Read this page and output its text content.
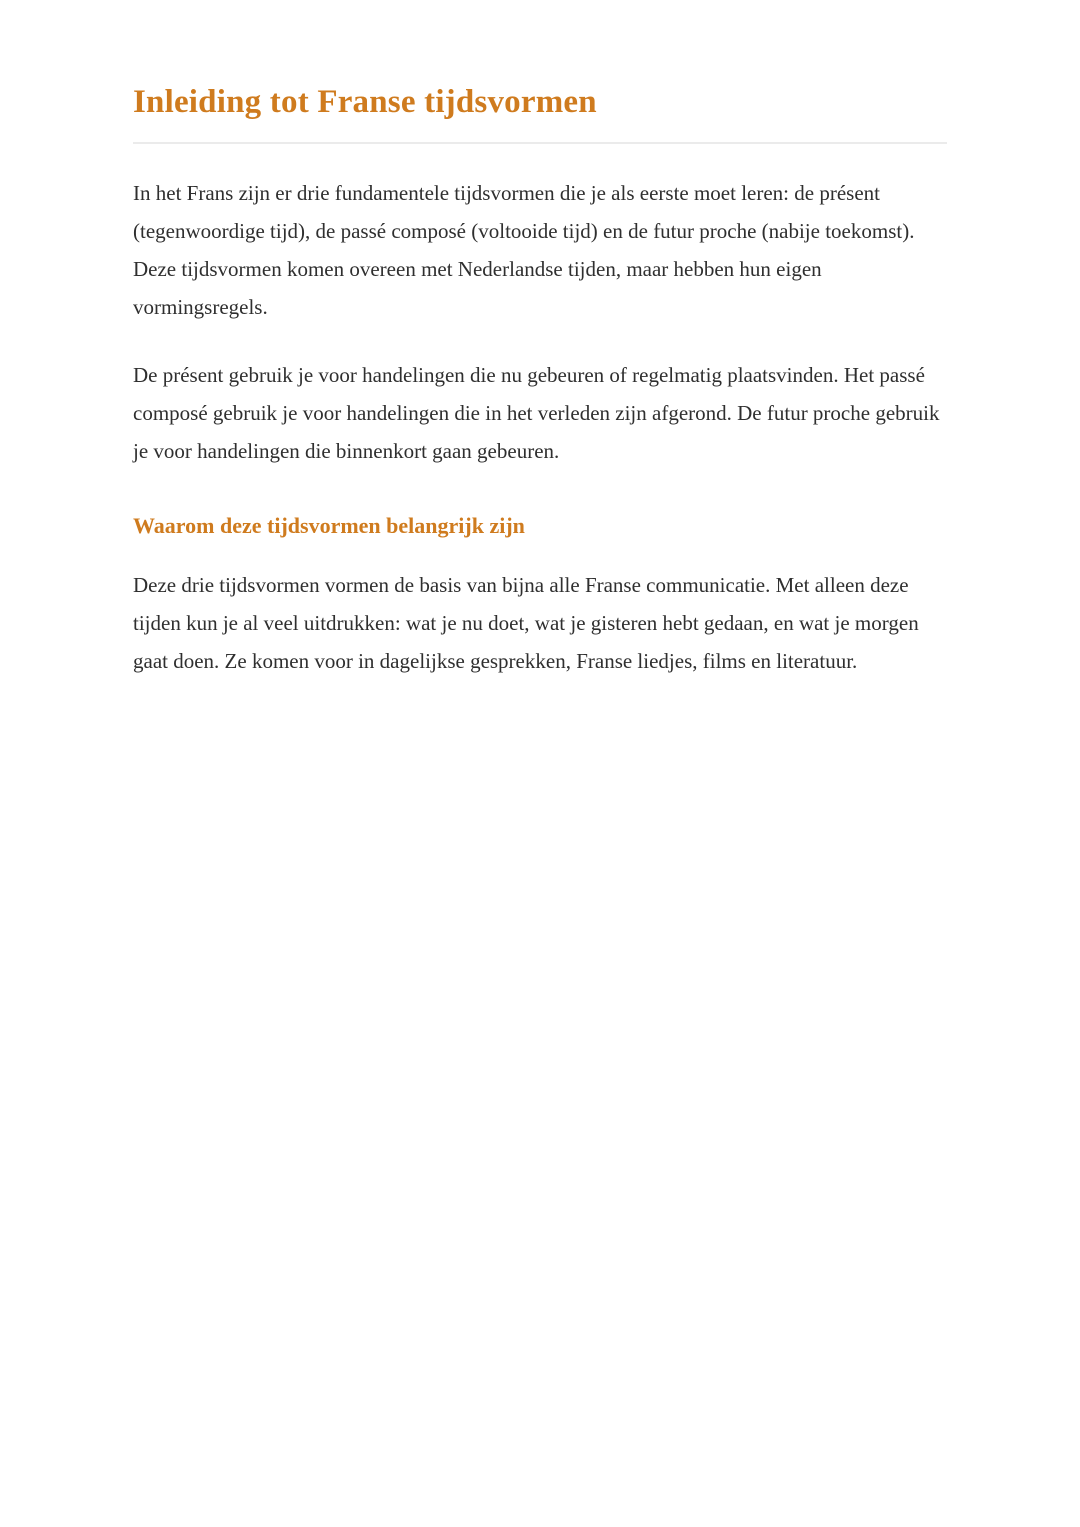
Inleiding tot Franse tijdsvormen

In het Frans zijn er drie fundamentele tijdsvormen die je als eerste moet leren: de présent (tegenwoordige tijd), de passé composé (voltooide tijd) en de futur proche (nabije toekomst). Deze tijdsvormen komen overeen met Nederlandse tijden, maar hebben hun eigen vormingsregels.

De présent gebruik je voor handelingen die nu gebeuren of regelmatig plaatsvinden. Het passé composé gebruik je voor handelingen die in het verleden zijn afgerond. De futur proche gebruik je voor handelingen die binnenkort gaan gebeuren.

Waarom deze tijdsvormen belangrijk zijn

Deze drie tijdsvormen vormen de basis van bijna alle Franse communicatie. Met alleen deze tijden kun je al veel uitdrukken: wat je nu doet, wat je gisteren hebt gedaan, en wat je morgen gaat doen. Ze komen voor in dagelijkse gesprekken, Franse liedjes, films en literatuur.
